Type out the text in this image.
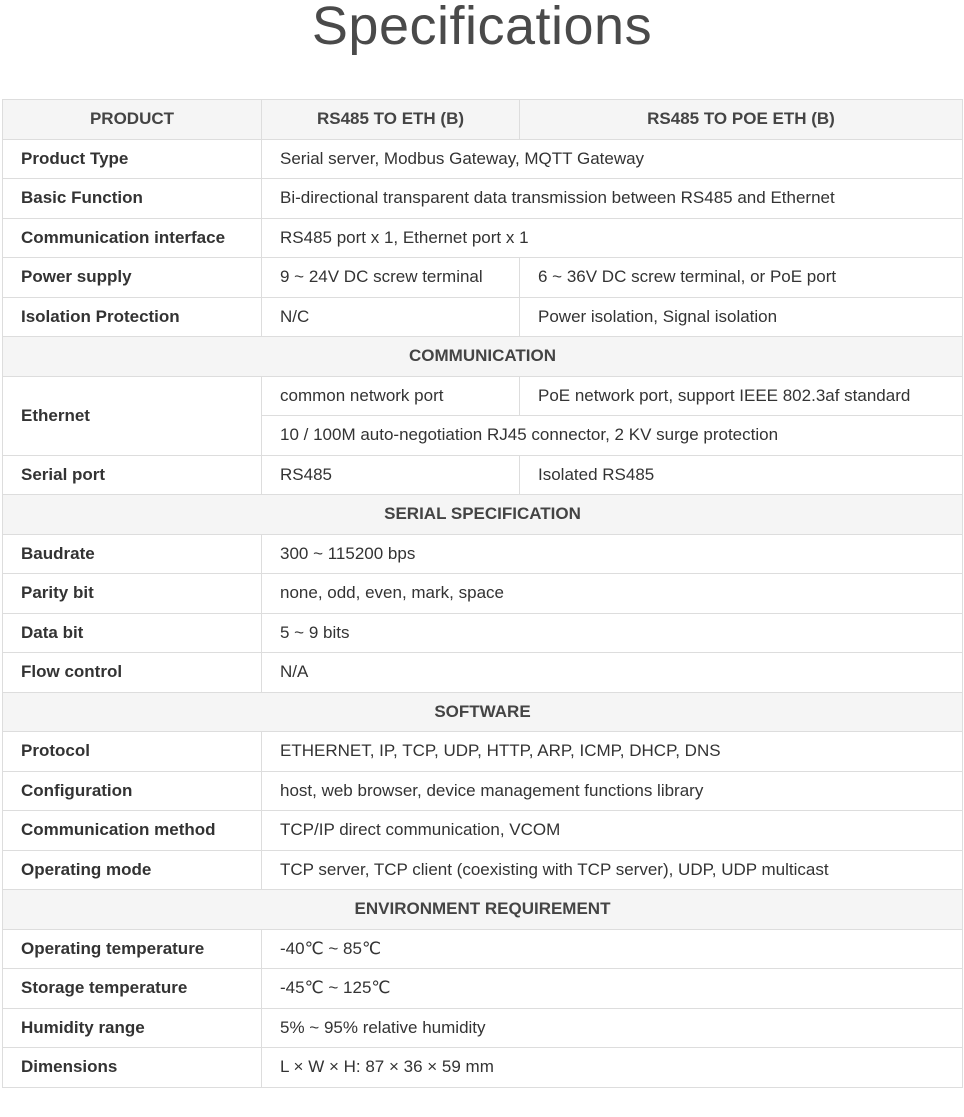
Specifications
PRODUCT	RS485 TO ETH (B)	RS485 TO POE ETH (B)
Product Type	Serial server, Modbus Gateway, MQTT Gateway	
Basic Function	Bi-directional transparent data transmission between RS485 and Ethernet	
Communication interface	RS485 port x 1, Ethernet port x 1	
Power supply	9 ~ 24V DC screw terminal	6 ~ 36V DC screw terminal, or PoE port
Isolation Protection	N/C	Power isolation, Signal isolation
COMMUNICATION		
Ethernet	common network port	PoE network port, support IEEE 802.3af standard
	10 / 100M auto-negotiation RJ45 connector, 2 KV surge protection	
Serial port	RS485	Isolated RS485
SERIAL SPECIFICATION		
Baudrate	300 ~ 115200 bps	
Parity bit	none, odd, even, mark, space	
Data bit	5 ~ 9 bits	
Flow control	N/A	
SOFTWARE		
Protocol	ETHERNET, IP, TCP, UDP, HTTP, ARP, ICMP, DHCP, DNS	
Configuration	host, web browser, device management functions library	
Communication method	TCP/IP direct communication, VCOM	
Operating mode	TCP server, TCP client (coexisting with TCP server), UDP, UDP multicast	
ENVIRONMENT REQUIREMENT		
Operating temperature	-40℃ ~ 85℃	
Storage temperature	-45℃ ~ 125℃	
Humidity range	5% ~ 95% relative humidity	
Dimensions	L × W × H: 87 × 36 × 59 mm	
